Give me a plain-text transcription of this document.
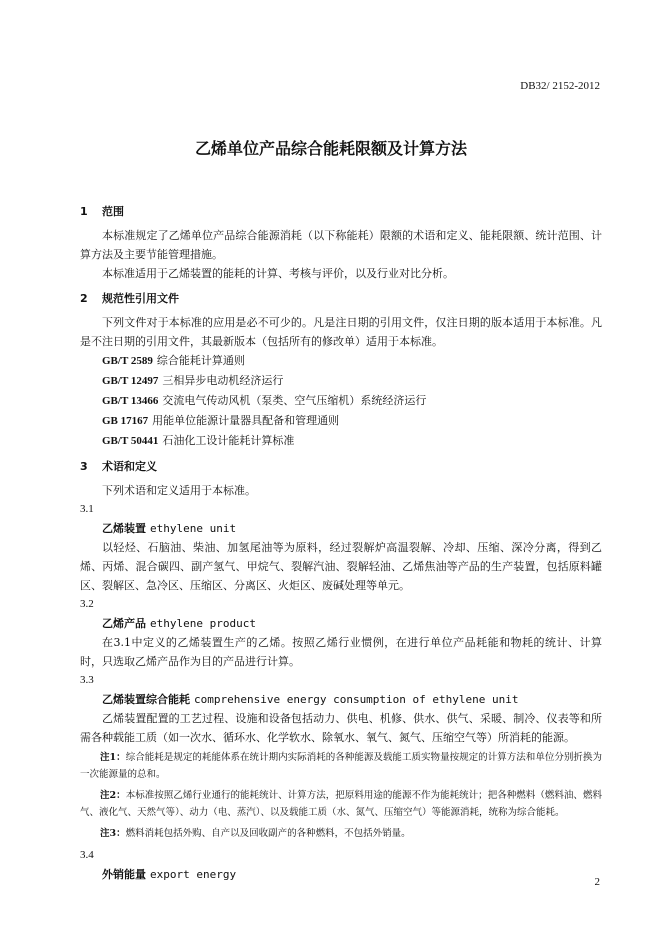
DB32/ 2152-2012
乙烯单位产品综合能耗限额及计算方法
1 范围
本标准规定了乙烯单位产品综合能源消耗（以下称能耗）限额的术语和定义、能耗限额、统计范围、计算方法及主要节能管理措施。
本标准适用于乙烯装置的能耗的计算、考核与评价，以及行业对比分析。
2 规范性引用文件
下列文件对于本标准的应用是必不可少的。凡是注日期的引用文件，仅注日期的版本适用于本标准。凡是不注日期的引用文件，其最新版本（包括所有的修改单）适用于本标准。
GB/T 2589 综合能耗计算通则
GB/T 12497 三相异步电动机经济运行
GB/T 13466 交流电气传动风机（泵类、空气压缩机）系统经济运行
GB 17167 用能单位能源计量器具配备和管理通则
GB/T 50441 石油化工设计能耗计算标准
3 术语和定义
下列术语和定义适用于本标准。
3.1
乙烯装置 ethylene unit
以轻烃、石脑油、柴油、加氢尾油等为原料，经过裂解炉高温裂解、冷却、压缩、深冷分离，得到乙烯、丙烯、混合碳四、副产氢气、甲烷气、裂解汽油、裂解轻油、乙烯焦油等产品的生产装置，包括原料罐区、裂解区、急冷区、压缩区、分离区、火炬区、废碱处理等单元。
3.2
乙烯产品 ethylene product
在3.1中定义的乙烯装置生产的乙烯。按照乙烯行业惯例，在进行单位产品耗能和物耗的统计、计算时，只选取乙烯产品作为目的产品进行计算。
3.3
乙烯装置综合能耗 comprehensive energy consumption of ethylene unit
乙烯装置配置的工艺过程、设施和设备包括动力、供电、机修、供水、供气、采暖、制冷、仪表等和所需各种载能工质（如一次水、循环水、化学软水、除氧水、氧气、氮气、压缩空气等）所消耗的能源。
注1：综合能耗是规定的耗能体系在统计期内实际消耗的各种能源及载能工质实物量按规定的计算方法和单位分别折换为一次能源量的总和。
注2：本标准按照乙烯行业通行的能耗统计、计算方法，把原料用途的能源不作为能耗统计；把各种燃料（燃料油、燃料气、液化气、天然气等）、动力（电、蒸汽）、以及载能工质（水、氮气、压缩空气）等能源消耗，统称为综合能耗。
注3：燃料消耗包括外购、自产以及回收副产的各种燃料，不包括外销量。
3.4
外销能量 export energy
2
